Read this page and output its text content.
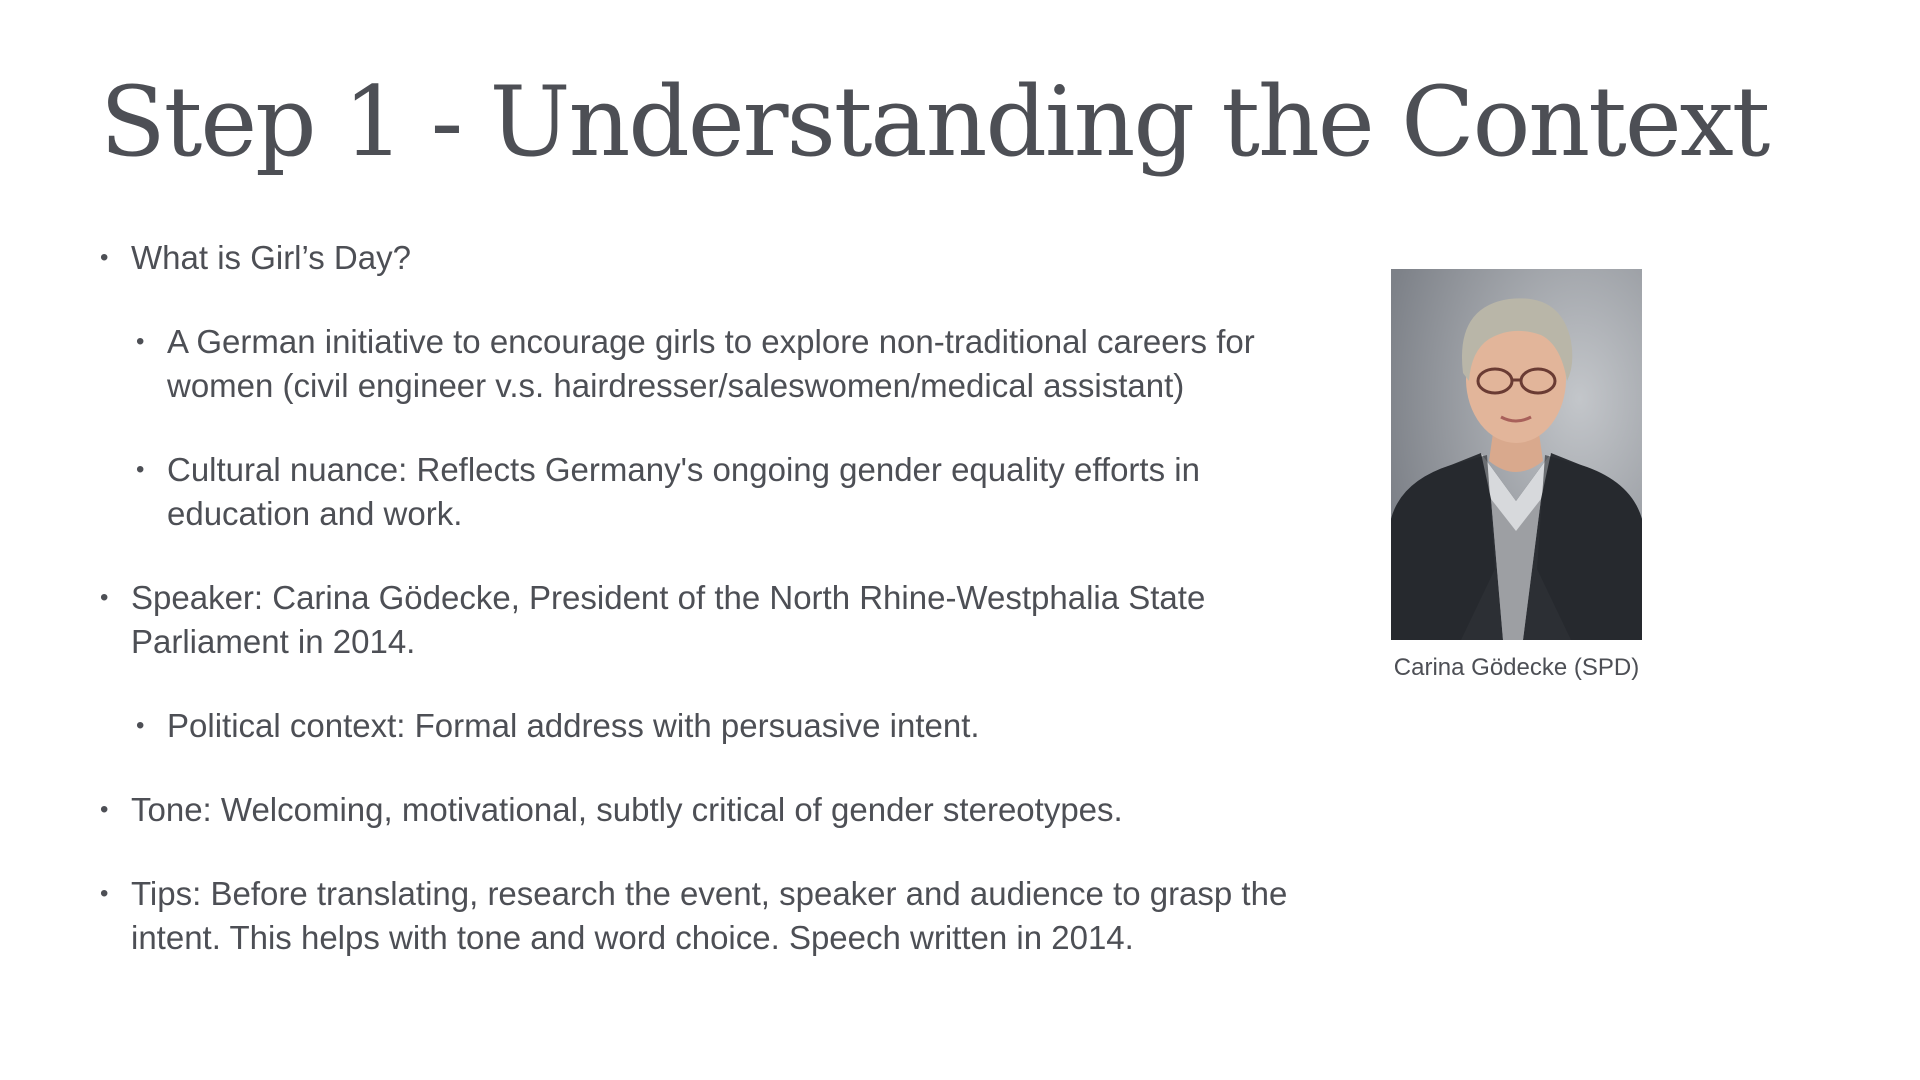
Step 1 - Understanding the Context
• What is Girl’s Day?
• A German initiative to encourage girls to explore non-traditional careers for women (civil engineer v.s. hairdresser/saleswomen/medical assistant)
• Cultural nuance: Reflects Germany's ongoing gender equality efforts in education and work.
• Speaker: Carina Gödecke, President of the North Rhine-Westphalia State Parliament in 2014.
• Political context: Formal address with persuasive intent.
• Tone: Welcoming, motivational, subtly critical of gender stereotypes.
• Tips: Before translating, research the event, speaker and audience to grasp the intent. This helps with tone and word choice. Speech written in 2014.
Carina Gödecke (SPD)
